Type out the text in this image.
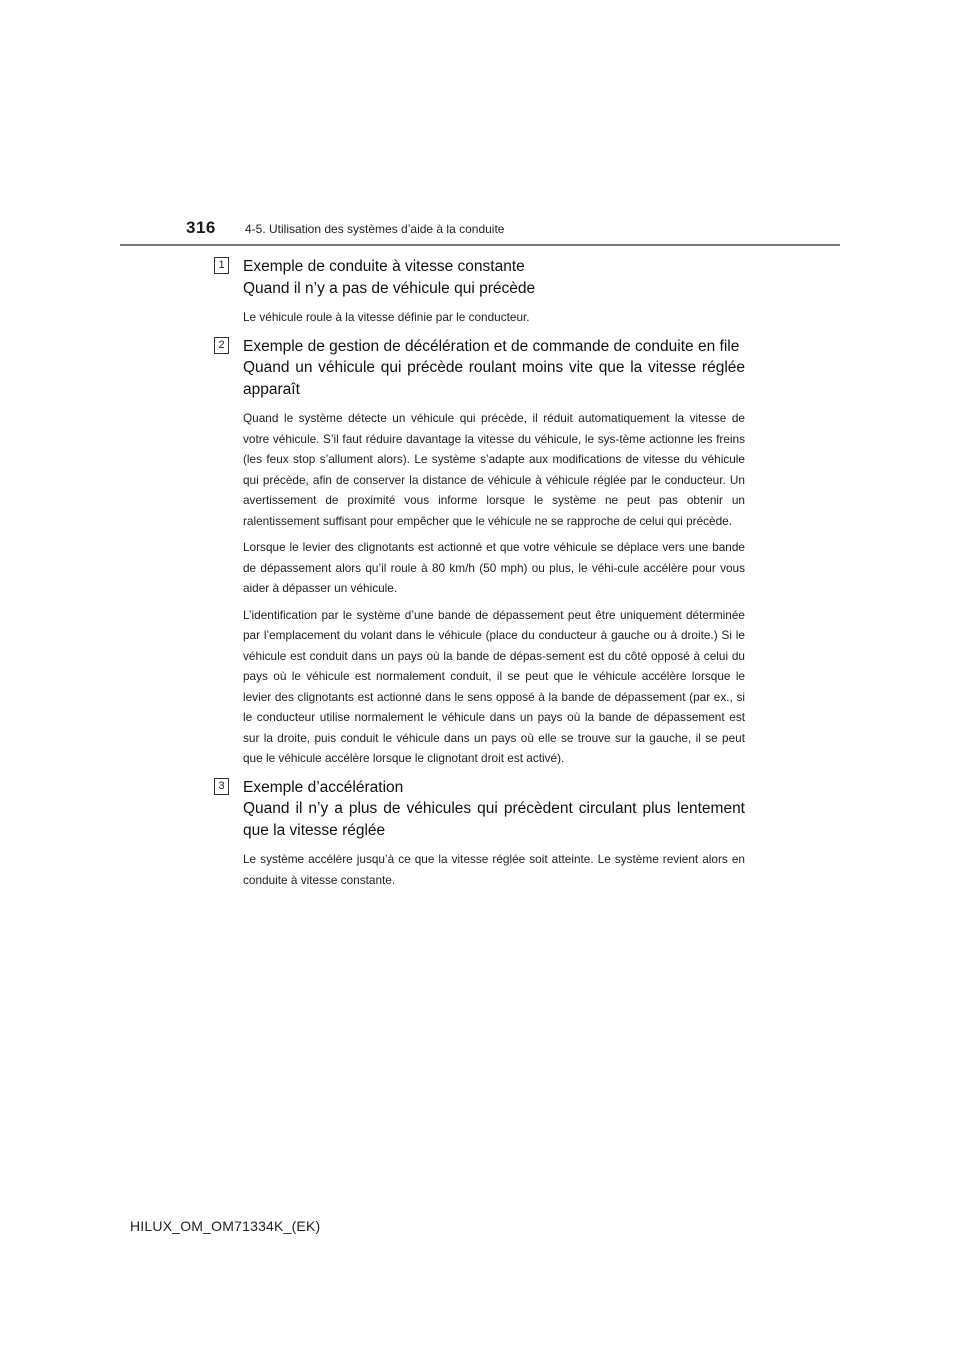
316 4-5. Utilisation des systèmes d’aide à la conduite
1 Exemple de conduite à vitesse constante
Quand il n’y a pas de véhicule qui précède

Le véhicule roule à la vitesse définie par le conducteur.

2 Exemple de gestion de décélération et de commande de conduite en file
Quand un véhicule qui précède roulant moins vite que la vitesse réglée apparaît

Quand le système détecte un véhicule qui précède, il réduit automatiquement la vitesse de votre véhicule. S’il faut réduire davantage la vitesse du véhicule, le sys-tème actionne les freins (les feux stop s’allument alors). Le système s’adapte aux modifications de vitesse du véhicule qui précède, afin de conserver la distance de véhicule à véhicule réglée par le conducteur. Un avertissement de proximité vous informe lorsque le système ne peut pas obtenir un ralentissement suffisant pour empêcher que le véhicule ne se rapproche de celui qui précède.

Lorsque le levier des clignotants est actionné et que votre véhicule se déplace vers une bande de dépassement alors qu’il roule à 80 km/h (50 mph) ou plus, le véhi-cule accélère pour vous aider à dépasser un véhicule.

L’identification par le système d’une bande de dépassement peut être uniquement déterminée par l’emplacement du volant dans le véhicule (place du conducteur à gauche ou à droite.) Si le véhicule est conduit dans un pays où la bande de dépas-sement est du côté opposé à celui du pays où le véhicule est normalement conduit, il se peut que le véhicule accélère lorsque le levier des clignotants est actionné dans le sens opposé à la bande de dépassement (par ex., si le conducteur utilise normalement le véhicule dans un pays où la bande de dépassement est sur la droite, puis conduit le véhicule dans un pays où elle se trouve sur la gauche, il se peut que le véhicule accélère lorsque le clignotant droit est activé).

3 Exemple d’accélération
Quand il n’y a plus de véhicules qui précèdent circulant plus lentement que la vitesse réglée

Le système accélère jusqu’à ce que la vitesse réglée soit atteinte. Le système revient alors en conduite à vitesse constante.

HILUX_OM_OM71334K_(EK)
